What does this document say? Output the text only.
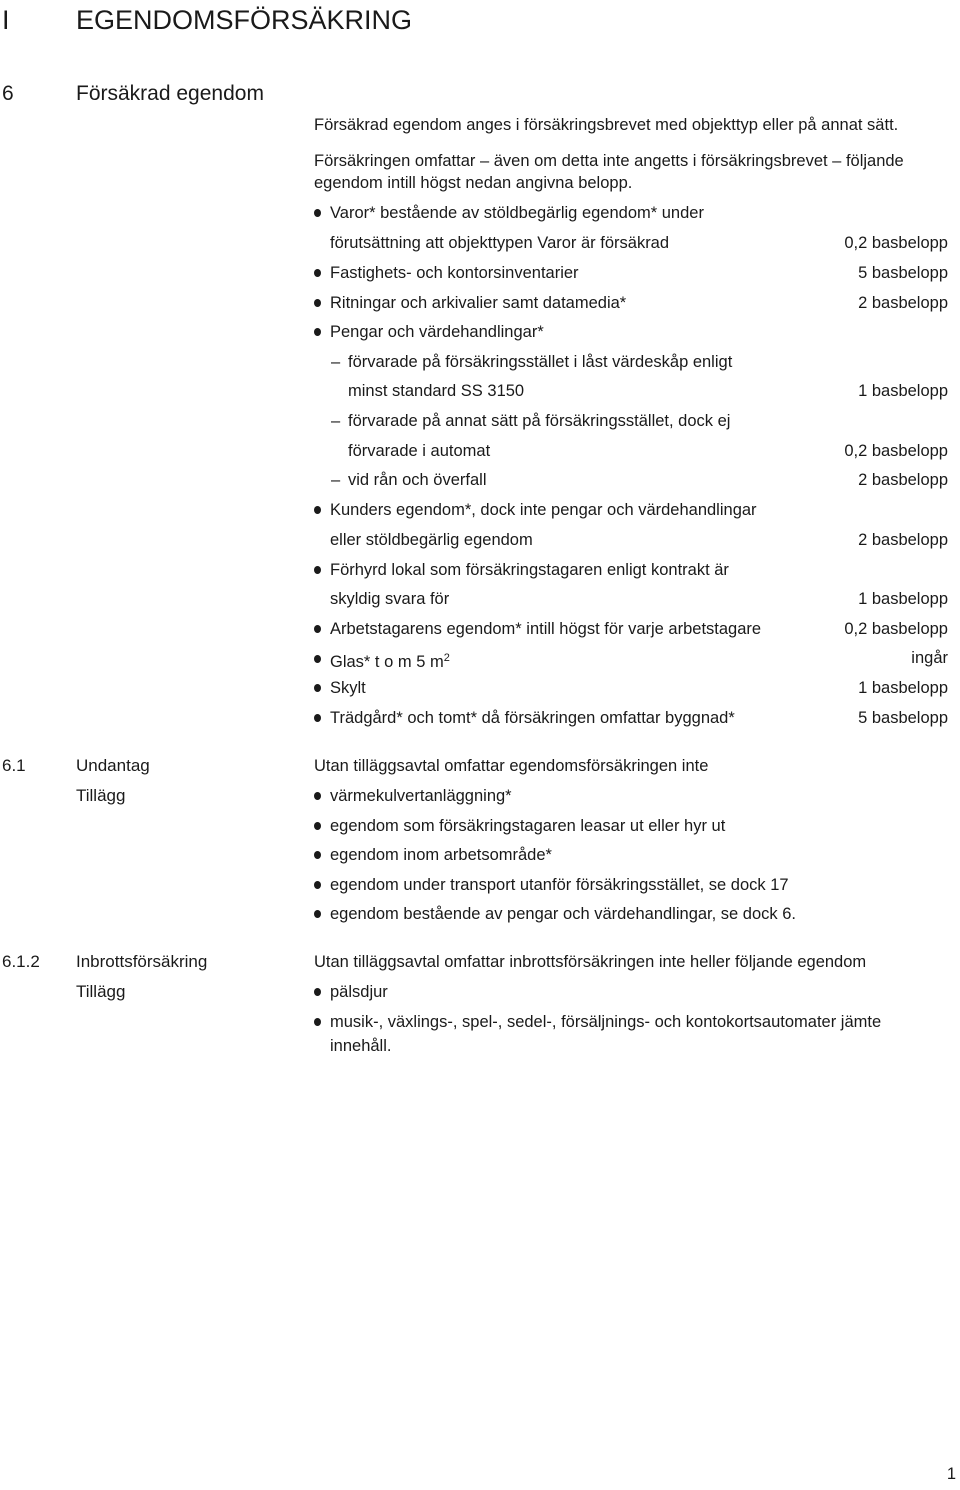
I EGENDOMSFÖRSÄKRING
6	Försäkrad egendom
Försäkrad egendom anges i försäkringsbrevet med objekttyp eller på annat sätt.
Försäkringen omfattar – även om detta inte angetts i försäkringsbrevet – följande
egendom intill högst nedan angivna belopp.
Varor* bestående av stöldbegärlig egendom* under
förutsättning att objekttypen Varor är försäkrad	0,2 basbelopp
Fastighets- och kontorsinventarier	5 basbelopp
Ritningar och arkivalier samt datamedia*	2 basbelopp
Pengar och värdehandlingar*
– förvarade på försäkringsstället i låst värdeskåp enligt
minst standard SS 3150	1 basbelopp
– förvarade på annat sätt på försäkringsstället, dock ej
förvarade i automat	0,2 basbelopp
– vid rån och överfall	2 basbelopp
Kunders egendom*, dock inte pengar och värdehandlingar
eller stöldbegärlig egendom	2 basbelopp
Förhyrd lokal som försäkringstagaren enligt kontrakt är
skyldig svara för	1 basbelopp
Arbetstagarens egendom* intill högst för varje arbetstagare	0,2 basbelopp
Glas* t o m 5 $m^2$	ingår
Skylt	1 basbelopp
Trädgård* och tomt* då försäkringen omfattar byggnad*	5 basbelopp
6.1	Undantag
Tillägg
Utan tilläggsavtal omfattar egendomsförsäkringen inte
värmekulvertanläggning*
egendom som försäkringstagaren leasar ut eller hyr ut
egendom inom arbetsområde*
egendom under transport utanför försäkringsstället, se dock 17
egendom bestående av pengar och värdehandlingar, se dock 6.
6.1.2 Inbrottsförsäkring
Tillägg
Utan tilläggsavtal omfattar inbrottsförsäkringen inte heller följande egendom
pälsdjur
musik-, växlings-, spel-, sedel-, försäljnings- och kontokortsautomater jämte
innehåll.
1
